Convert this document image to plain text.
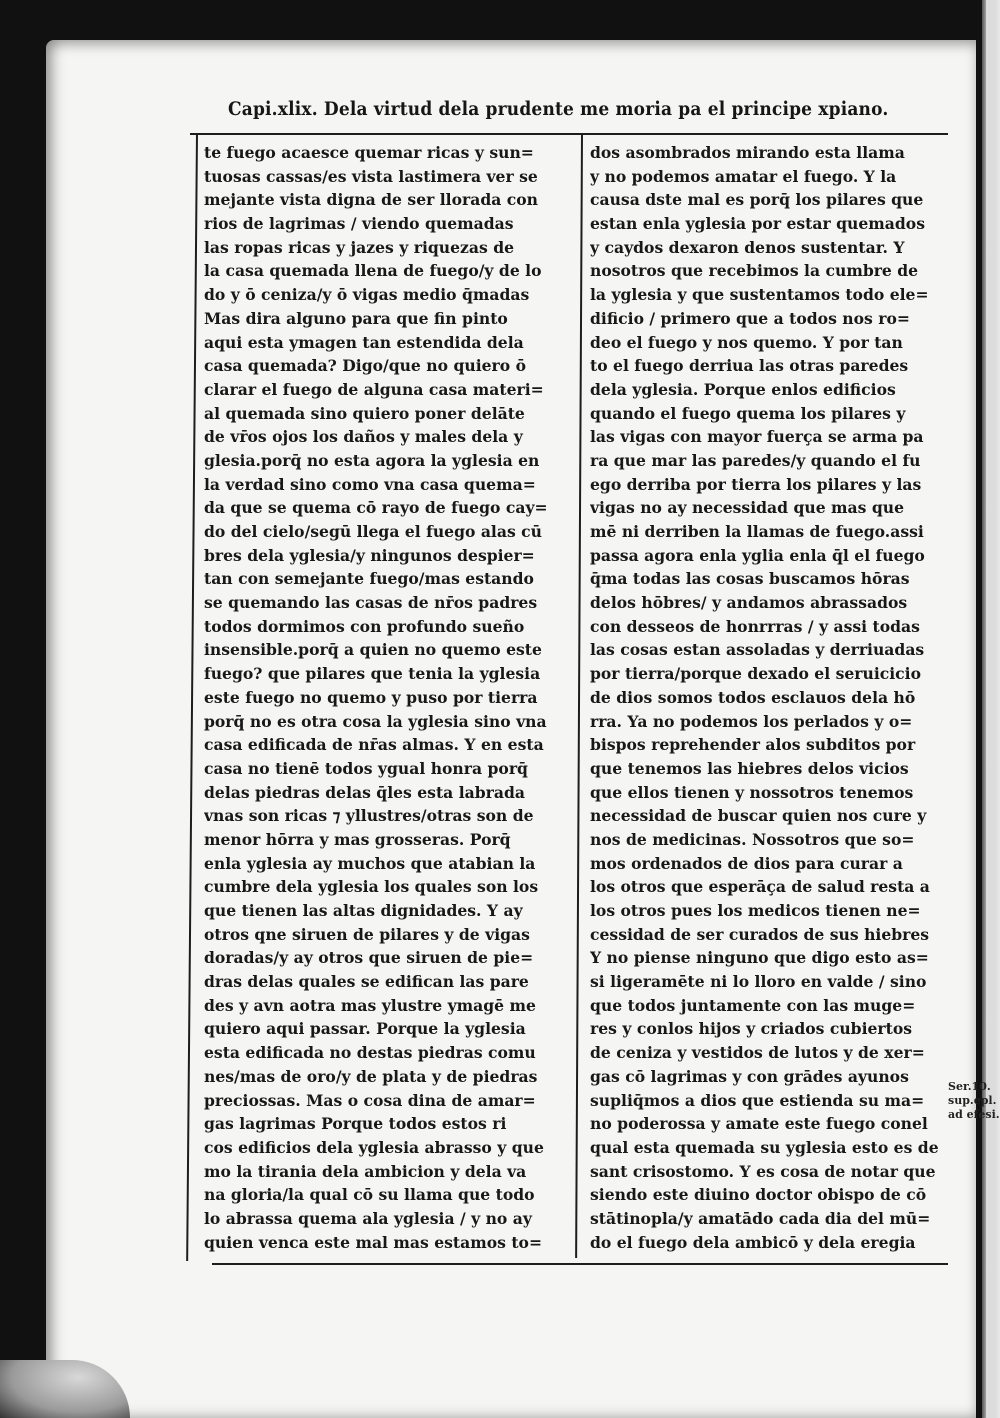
Capi.xlix. Dela virtud dela prudente me moria pa el principe xpiano.
te fuego acaesce quemar ricas y sun=
tuosas cassas/es vista lastimera ver se
mejante vista digna de ser llorada con
rios de lagrimas / viendo quemadas
las ropas ricas y jazes y riquezas de
la casa quemada llena de fuego/y de lo
do y ō ceniza/y ō vigas medio q̄madas
Mas dira alguno para que fin pinto
aqui esta ymagen tan estendida dela
casa quemada? Digo/que no quiero ō
clarar el fuego de alguna casa materi=
al quemada sino quiero poner delāte
de vr̄os ojos los daños y males dela y
glesia.porq̄ no esta agora la yglesia en
la verdad sino como vna casa quema=
da que se quema cō rayo de fuego cay=
do del cielo/segū llega el fuego alas cū
bres dela yglesia/y ningunos despier=
tan con semejante fuego/mas estando
se quemando las casas de nr̄os padres
todos dormimos con profundo sueño
insensible.porq̄ a quien no quemo este
fuego? que pilares que tenia la yglesia
este fuego no quemo y puso por tierra
porq̄ no es otra cosa la yglesia sino vna
casa edificada de nr̄as almas. Y en esta
casa no tienē todos ygual honra porq̄
delas piedras delas q̄les esta labrada
vnas son ricas ⁊ yllustres/otras son de
menor hōrra y mas grosseras. Porq̄
enla yglesia ay muchos que atabian la
cumbre dela yglesia los quales son los
que tienen las altas dignidades. Y ay
otros qne siruen de pilares y de vigas
doradas/y ay otros que siruen de pie=
dras delas quales se edifican las pare
des y avn aotra mas ylustre ymagē me
quiero aqui passar. Porque la yglesia
esta edificada no destas piedras comu
nes/mas de oro/y de plata y de piedras
preciossas. Mas o cosa dina de amar=
gas lagrimas Porque todos estos ri
cos edificios dela yglesia abrasso y que
mo la tirania dela ambicion y dela va
na gloria/la qual cō su llama que todo
lo abrassa quema ala yglesia / y no ay
quien venca este mal mas estamos to=
dos asombrados mirando esta llama
y no podemos amatar el fuego. Y la
causa dste mal es porq̄ los pilares que
estan enla yglesia por estar quemados
y caydos dexaron denos sustentar. Y
nosotros que recebimos la cumbre de
la yglesia y que sustentamos todo ele=
dificio / primero que a todos nos ro=
deo el fuego y nos quemo. Y por tan
to el fuego derriua las otras paredes
dela yglesia. Porque enlos edificios
quando el fuego quema los pilares y
las vigas con mayor fuerça se arma pa
ra que mar las paredes/y quando el fu
ego derriba por tierra los pilares y las
vigas no ay necessidad que mas que
mē ni derriben la llamas de fuego.assi
passa agora enla yglia enla q̄l el fuego
q̄ma todas las cosas buscamos hōras
delos hōbres/ y andamos abrassados
con desseos de honrrras / y assi todas
las cosas estan assoladas y derriuadas
por tierra/porque dexado el seruicicio
de dios somos todos esclauos dela hō
rra. Ya no podemos los perlados y o=
bispos reprehender alos subditos por
que tenemos las hiebres delos vicios
que ellos tienen y nossotros tenemos
necessidad de buscar quien nos cure y
nos de medicinas. Nossotros que so=
mos ordenados de dios para curar a
los otros que esperāça de salud resta a
los otros pues los medicos tienen ne=
cessidad de ser curados de sus hiebres
Y no piense ninguno que digo esto as=
si ligeramēte ni lo lloro en valde / sino
que todos juntamente con las muge=
res y conlos hijos y criados cubiertos
de ceniza y vestidos de lutos y de xer=
gas cō lagrimas y con grādes ayunos
supliq̄mos a dios que estienda su ma=
no poderossa y amate este fuego conel
qual esta quemada su yglesia esto es de
sant crisostomo. Y es cosa de notar que
siendo este diuino doctor obispo de cō
stātinopla/y amatādo cada dia del mū=
do el fuego dela ambicō y dela eregia
Ser.10.
sup.epl.
ad efesi.
